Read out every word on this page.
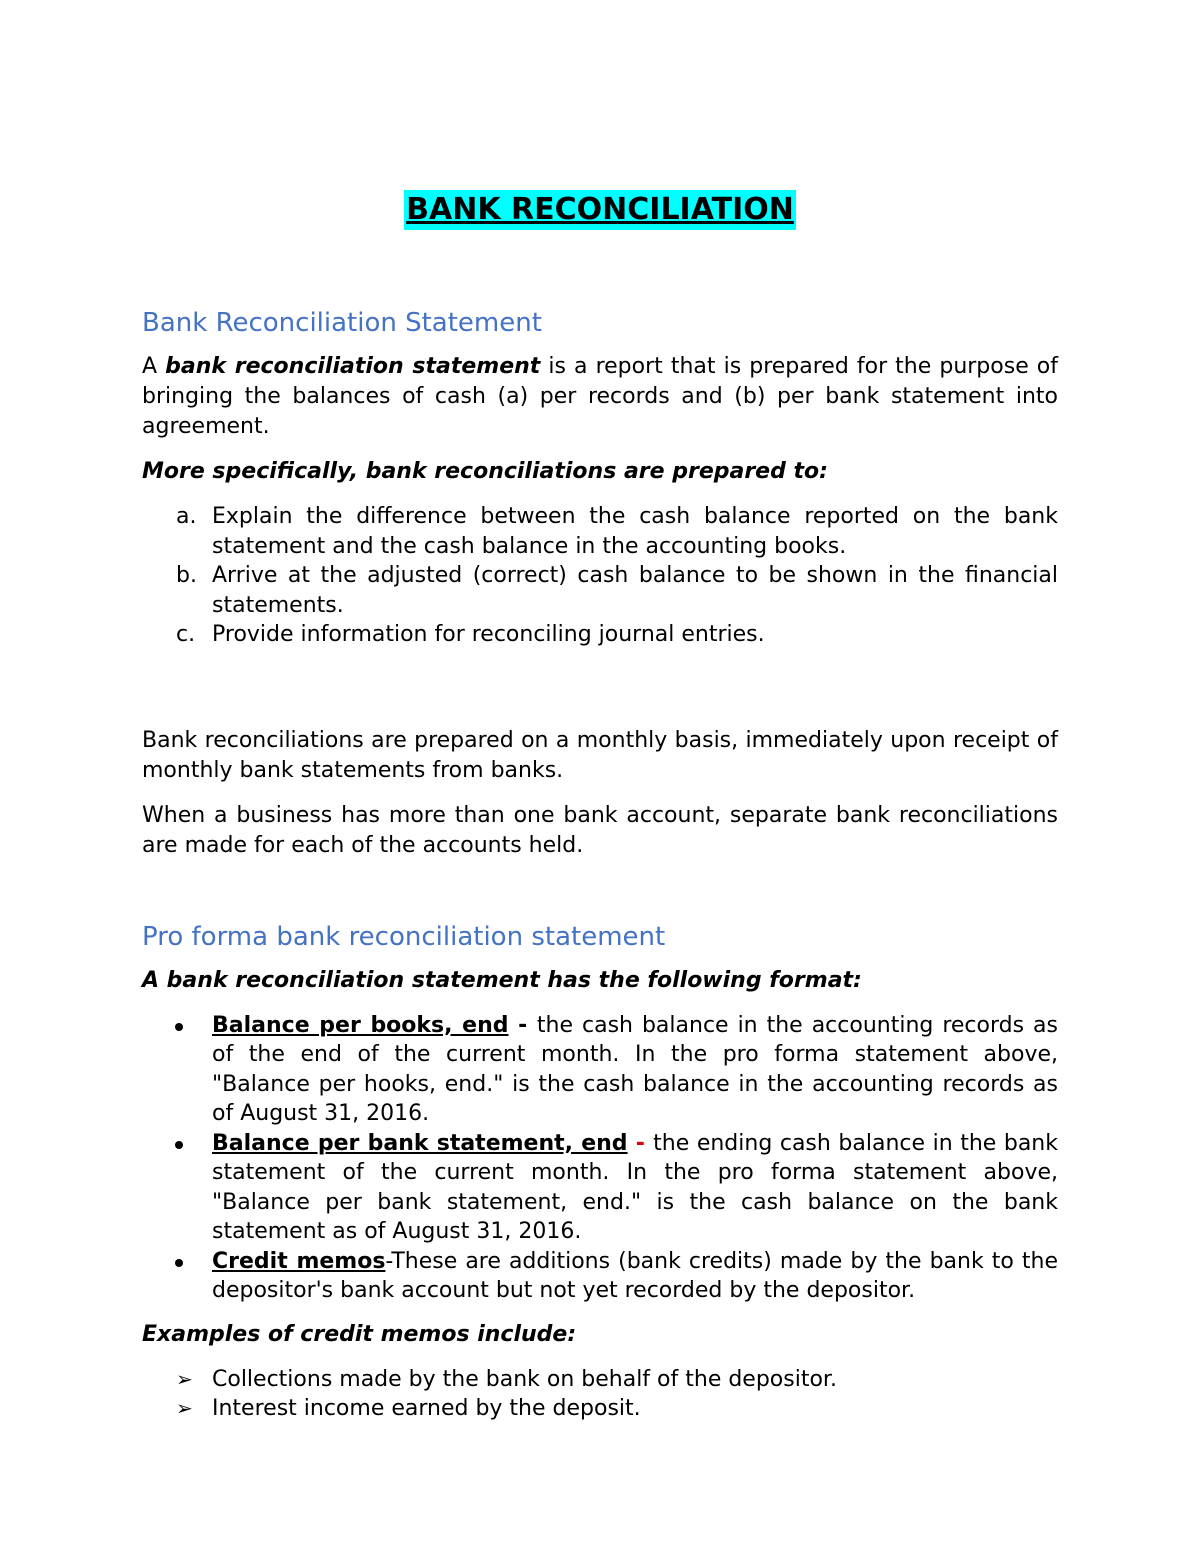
BANK RECONCILIATION
Bank Reconciliation Statement

A bank reconciliation statement is a report that is prepared for the purpose of bringing the balances of cash (a) per records and (b) per bank statement into agreement.

More specifically, bank reconciliations are prepared to:

a. Explain the difference between the cash balance reported on the bank statement and the cash balance in the accounting books.
b. Arrive at the adjusted (correct) cash balance to be shown in the financial statements.
c. Provide information for reconciling journal entries.

Bank reconciliations are prepared on a monthly basis, immediately upon receipt of monthly bank statements from banks.

When a business has more than one bank account, separate bank reconciliations are made for each of the accounts held.

Pro forma bank reconciliation statement

A bank reconciliation statement has the following format:

Balance per books, end - the cash balance in the accounting records as of the end of the current month. In the pro forma statement above, "Balance per hooks, end." is the cash balance in the accounting records as of August 31, 2016.
Balance per bank statement, end - the ending cash balance in the bank statement of the current month. In the pro forma statement above, "Balance per bank statement, end." is the cash balance on the bank statement as of August 31, 2016.
Credit memos-These are additions (bank credits) made by the bank to the depositor's bank account but not yet recorded by the depositor.

Examples of credit memos include:

➢ Collections made by the bank on behalf of the depositor.
➢ Interest income earned by the deposit.
